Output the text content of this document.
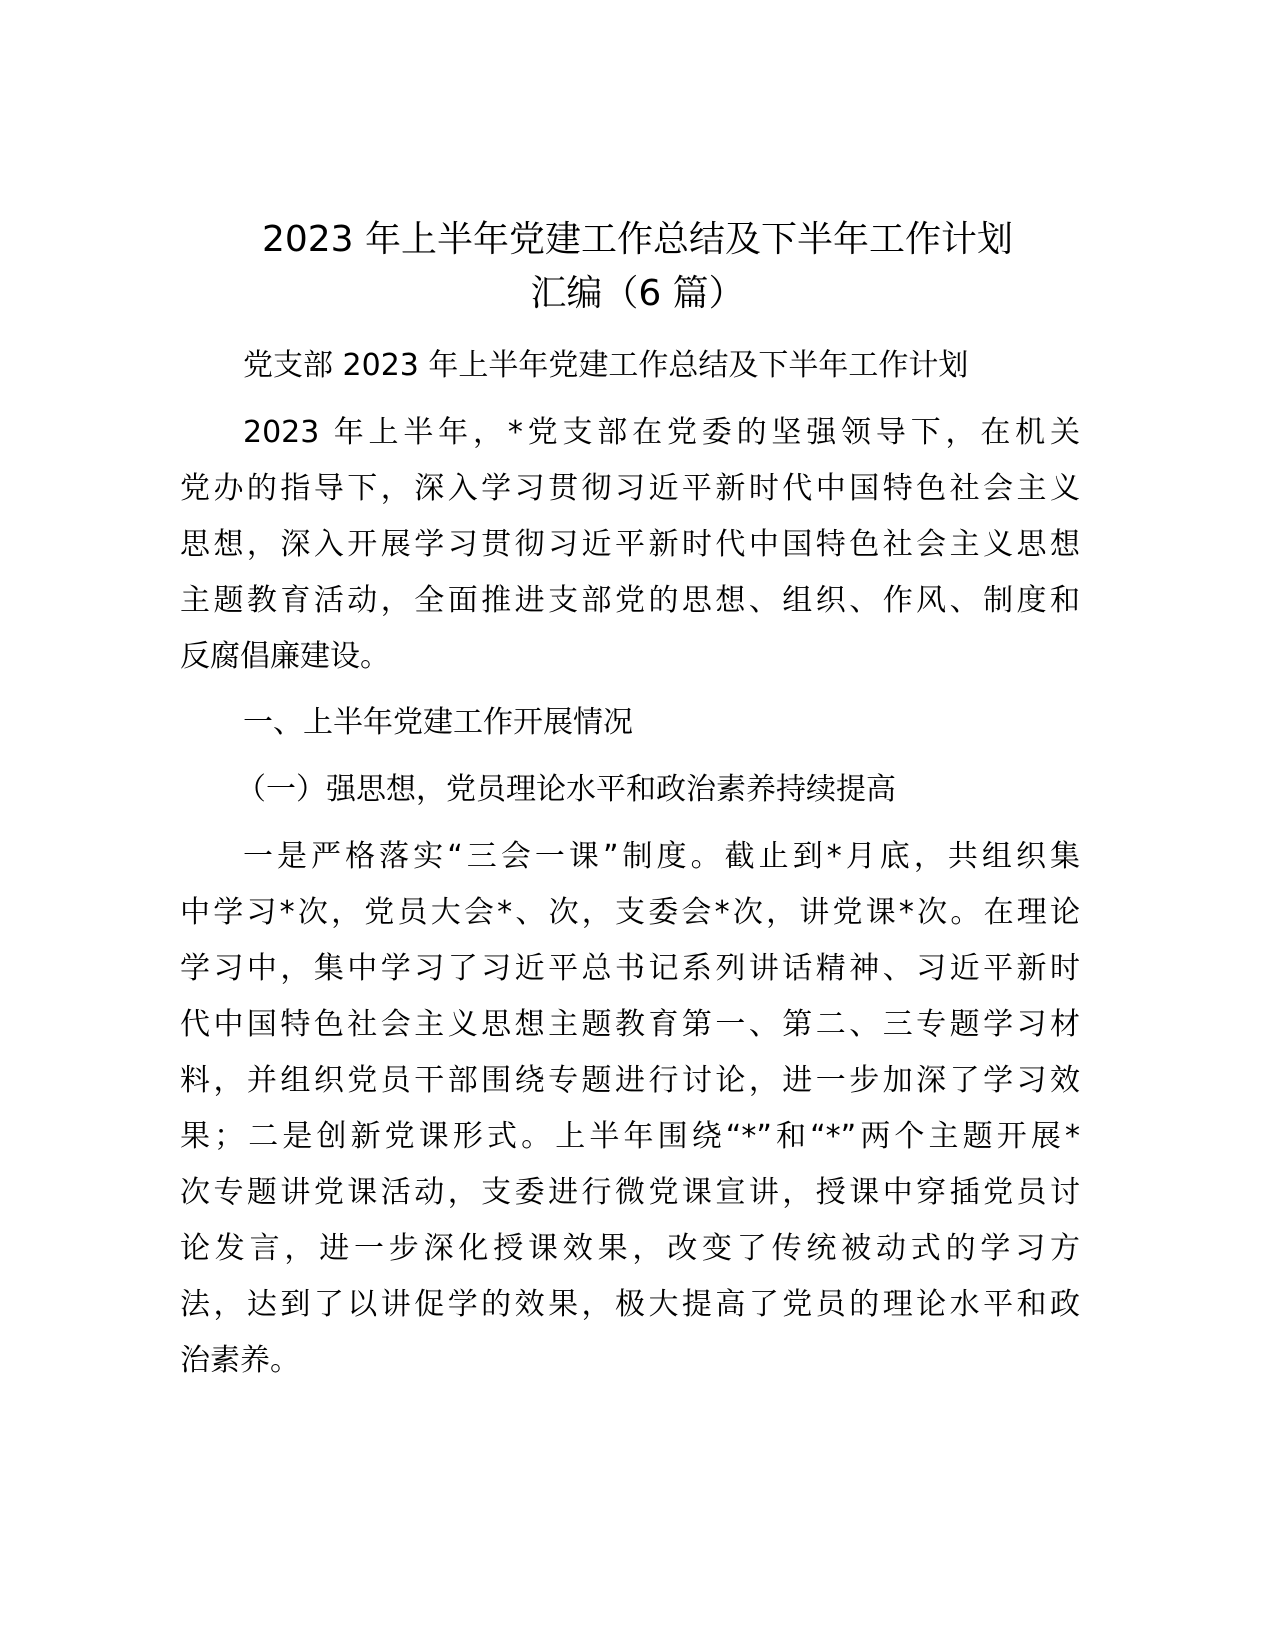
2023 年上半年党建工作总结及下半年工作计划
汇编（6 篇）
党支部 2023 年上半年党建工作总结及下半年工作计划
2023 年上半年，*党支部在党委的坚强领导下，在机关
党办的指导下，深入学习贯彻习近平新时代中国特色社会主义
思想，深入开展学习贯彻习近平新时代中国特色社会主义思想
主题教育活动，全面推进支部党的思想、组织、作风、制度和
反腐倡廉建设。
一、上半年党建工作开展情况
（一）强思想，党员理论水平和政治素养持续提高
一是严格落实“三会一课”制度。截止到*月底，共组织集
中学习*次，党员大会*、次，支委会*次，讲党课*次。在理论
学习中，集中学习了习近平总书记系列讲话精神、习近平新时
代中国特色社会主义思想主题教育第一、第二、三专题学习材
料，并组织党员干部围绕专题进行讨论，进一步加深了学习效
果；二是创新党课形式。上半年围绕“*”和“*”两个主题开展*
次专题讲党课活动，支委进行微党课宣讲，授课中穿插党员讨
论发言，进一步深化授课效果，改变了传统被动式的学习方
法，达到了以讲促学的效果，极大提高了党员的理论水平和政
治素养。
